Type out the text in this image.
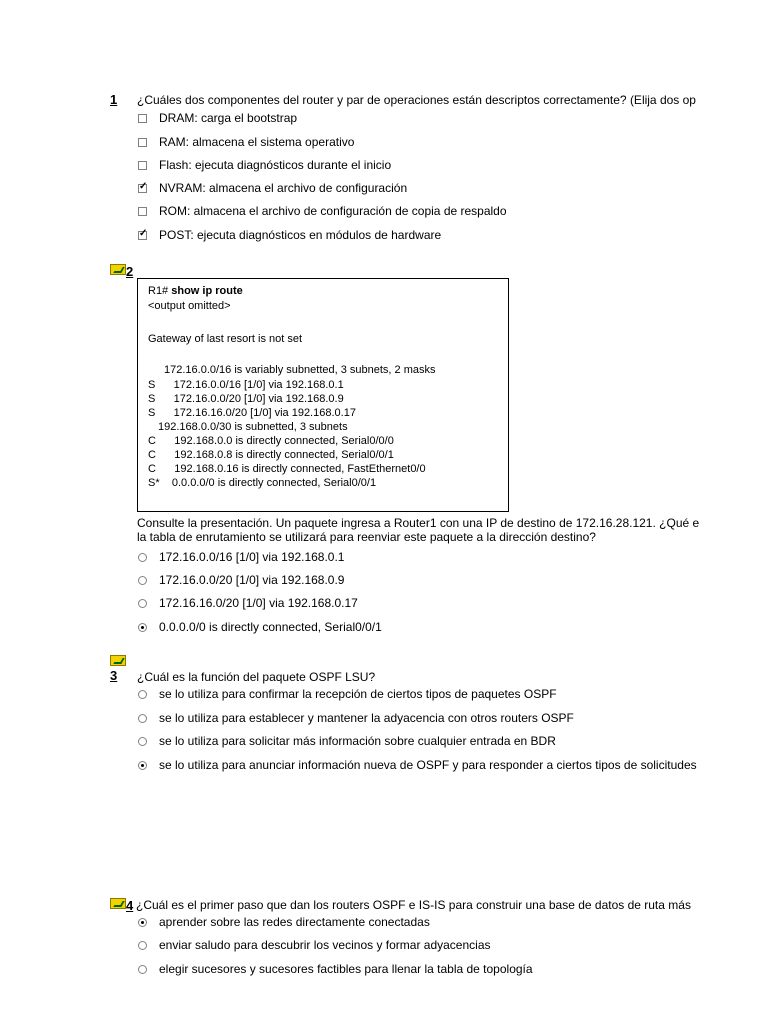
1 ¿Cuáles dos componentes del router y par de operaciones están descriptos correctamente? (Elija dos op
DRAM: carga el bootstrap
RAM: almacena el sistema operativo
Flash: ejecuta diagnósticos durante el inicio
✓
NVRAM: almacena el archivo de configuración
ROM: almacena el archivo de configuración de copia de respaldo
✓
POST: ejecuta diagnósticos en módulos de hardware
2
R1# show ip route
<output omitted>
Gateway of last resort is not set
172.16.0.0/16 is variably subnetted, 3 subnets, 2 masks
S      172.16.0.0/16 [1/0] via 192.168.0.1
S      172.16.0.0/20 [1/0] via 192.168.0.9
S      172.16.16.0/20 [1/0] via 192.168.0.17
192.168.0.0/30 is subnetted, 3 subnets
C      192.168.0.0 is directly connected, Serial0/0/0
C      192.168.0.8 is directly connected, Serial0/0/1
C      192.168.0.16 is directly connected, FastEthernet0/0
S*    0.0.0.0/0 is directly connected, Serial0/0/1
Consulte la presentación. Un paquete ingresa a Router1 con una IP de destino de 172.16.28.121. ¿Qué e
la tabla de enrutamiento se utilizará para reenviar este paquete a la dirección destino?
172.16.0.0/16 [1/0] via 192.168.0.1
172.16.0.0/20 [1/0] via 192.168.0.9
172.16.16.0/20 [1/0] via 192.168.0.17
0.0.0.0/0 is directly connected, Serial0/0/1
3 ¿Cuál es la función del paquete OSPF LSU?
se lo utiliza para confirmar la recepción de ciertos tipos de paquetes OSPF
se lo utiliza para establecer y mantener la adyacencia con otros routers OSPF
se lo utiliza para solicitar más información sobre cualquier entrada en BDR
se lo utiliza para anunciar información nueva de OSPF y para responder a ciertos tipos de solicitudes
4 ¿Cuál es el primer paso que dan los routers OSPF e IS-IS para construir una base de datos de ruta más
aprender sobre las redes directamente conectadas
enviar saludo para descubrir los vecinos y formar adyacencias
elegir sucesores y sucesores factibles para llenar la tabla de topología
